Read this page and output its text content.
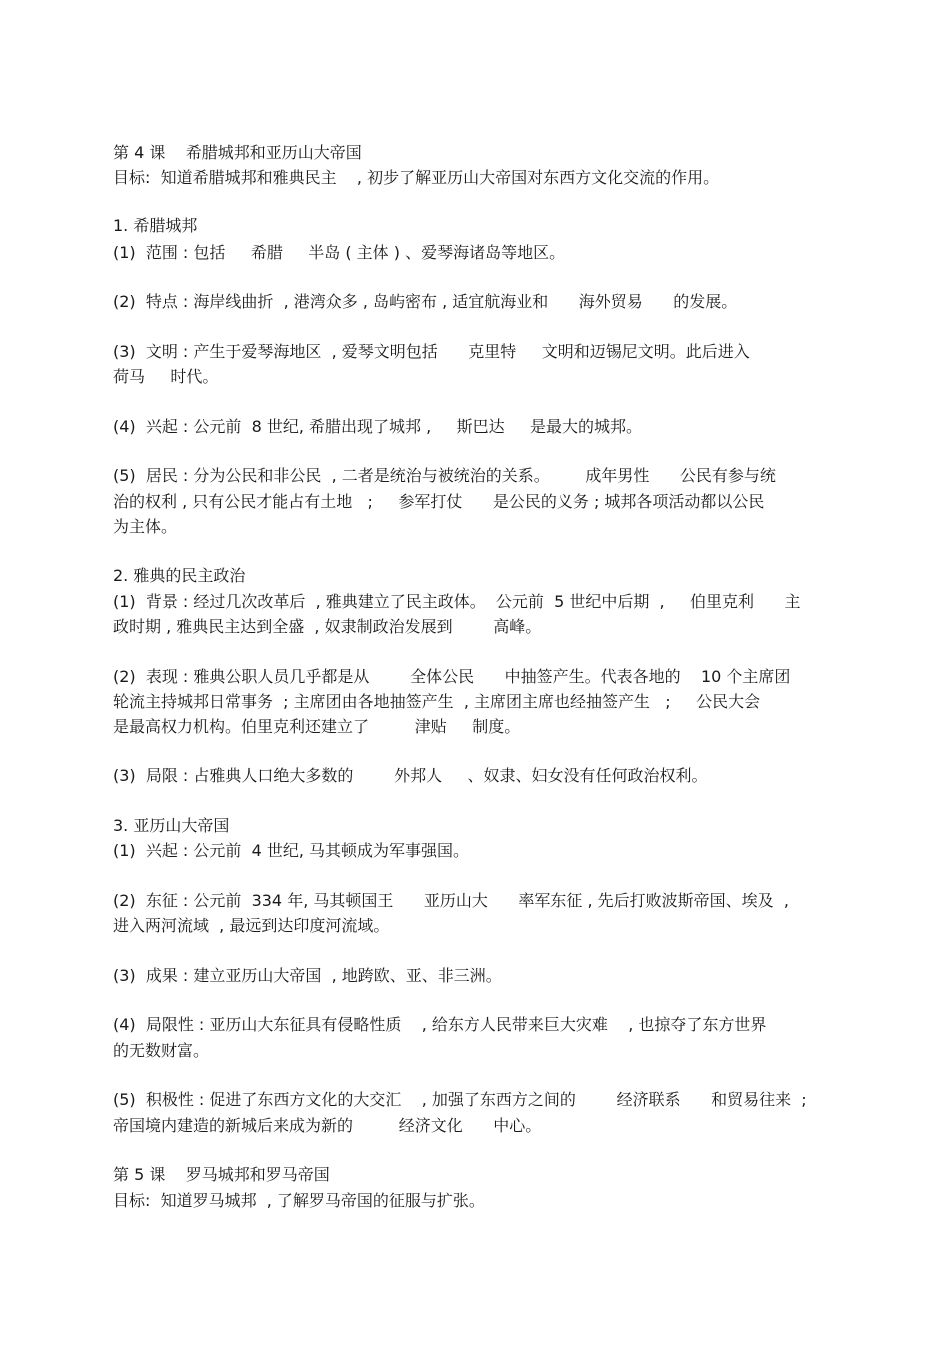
第 4 课    希腊城邦和亚历山大帝国

目标:  知道希腊城邦和雅典民主    , 初步了解亚历山大帝国对东西方文化交流的作用。

1. 希腊城邦

(1)  范围 : 包括     希腊     半岛 ( 主体 ) 、爱琴海诸岛等地区。

(2)  特点 : 海岸线曲折  , 港湾众多 , 岛屿密布 , 适宜航海业和      海外贸易      的发展。

(3)  文明 : 产生于爱琴海地区  , 爱琴文明包括      克里特     文明和迈锡尼文明。此后进入

荷马     时代。

(4)  兴起 : 公元前  8 世纪, 希腊出现了城邦 ,     斯巴达     是最大的城邦。

(5)  居民 : 分为公民和非公民  , 二者是统治与被统治的关系。       成年男性      公民有参与统

治的权利 , 只有公民才能占有土地   ;     参军打仗      是公民的义务 ; 城邦各项活动都以公民

为主体。

2. 雅典的民主政治

(1)  背景 : 经过几次改革后  , 雅典建立了民主政体。  公元前  5 世纪中后期  ,     伯里克利      主

政时期 , 雅典民主达到全盛  , 奴隶制政治发展到        高峰。

(2)  表现 : 雅典公职人员几乎都是从        全体公民      中抽签产生。代表各地的    10 个主席团

轮流主持城邦日常事务  ; 主席团由各地抽签产生  , 主席团主席也经抽签产生   ;     公民大会

是最高权力机构。伯里克利还建立了         津贴     制度。

(3)  局限 : 占雅典人口绝大多数的        外邦人     、奴隶、妇女没有任何政治权利。

3. 亚历山大帝国

(1)  兴起 : 公元前  4 世纪, 马其顿成为军事强国。

(2)  东征 : 公元前  334 年, 马其顿国王      亚历山大      率军东征 , 先后打败波斯帝国、埃及  ,

进入两河流域  , 最远到达印度河流域。

(3)  成果 : 建立亚历山大帝国  , 地跨欧、亚、非三洲。

(4)  局限性 : 亚历山大东征具有侵略性质    , 给东方人民带来巨大灾难    , 也掠夺了东方世界

的无数财富。

(5)  积极性 : 促进了东西方文化的大交汇    , 加强了东西方之间的        经济联系      和贸易往来  ;

帝国境内建造的新城后来成为新的         经济文化      中心。

第 5 课    罗马城邦和罗马帝国

目标:  知道罗马城邦  , 了解罗马帝国的征服与扩张。
